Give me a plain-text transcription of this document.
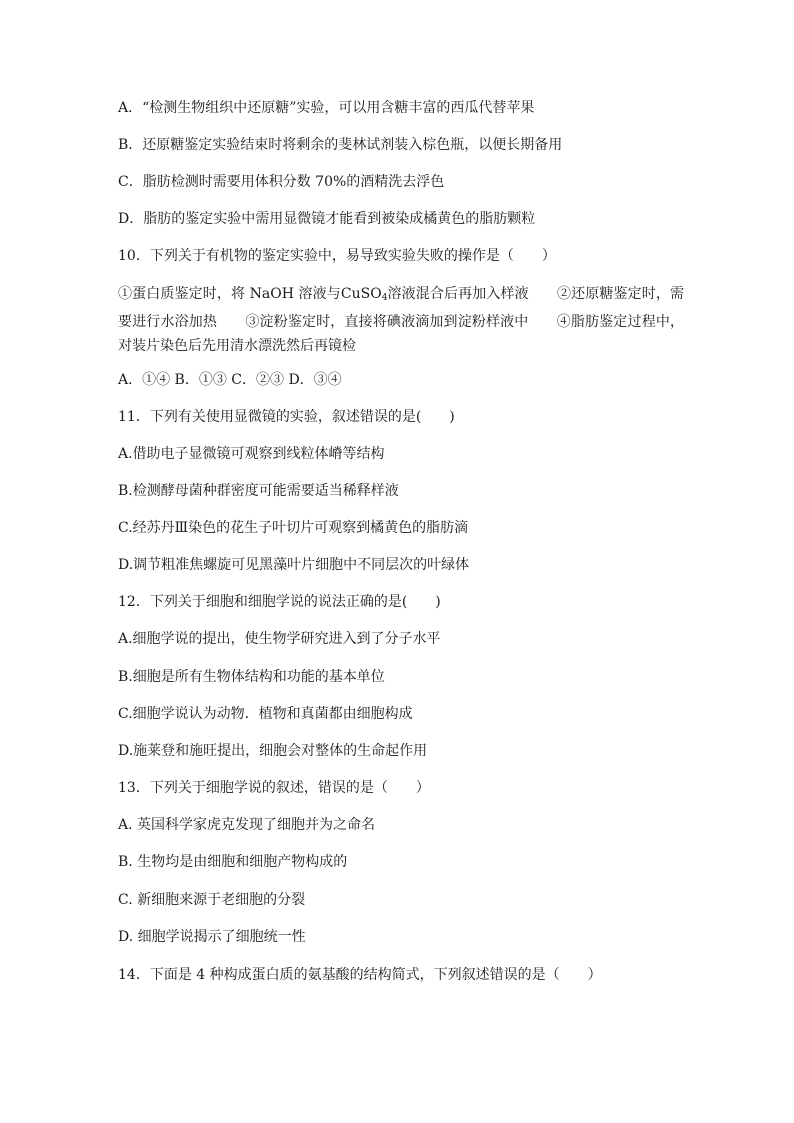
A．“检测生物组织中还原糖”实验，可以用含糖丰富的西瓜代替苹果
B．还原糖鉴定实验结束时将剩余的斐林试剂装入棕色瓶，以便长期备用
C．脂肪检测时需要用体积分数 70%的酒精洗去浮色
D．脂肪的鉴定实验中需用显微镜才能看到被染成橘黄色的脂肪颗粒
10．下列关于有机物的鉴定实验中，易导致实验失败的操作是（　　）
①蛋白质鉴定时，将 NaOH 溶液与CuSO$_4$溶液混合后再加入样液　　②还原糖鉴定时，需要进行水浴加热　　③淀粉鉴定时，直接将碘液滴加到淀粉样液中　　④脂肪鉴定过程中，对装片染色后先用清水漂洗然后再镜检
A．①④ B．①③ C．②③ D．③④
11．下列有关使用显微镜的实验，叙述错误的是(　　)
A.借助电子显微镜可观察到线粒体嵴等结构
B.检测酵母菌种群密度可能需要适当稀释样液
C.经苏丹Ⅲ染色的花生子叶切片可观察到橘黄色的脂肪滴
D.调节粗准焦螺旋可见黑藻叶片细胞中不同层次的叶绿体
12．下列关于细胞和细胞学说的说法正确的是(　　)
A.细胞学说的提出，使生物学研究进入到了分子水平
B.细胞是所有生物体结构和功能的基本单位
C.细胞学说认为动物．植物和真菌都由细胞构成
D.施莱登和施旺提出，细胞会对整体的生命起作用
13．下列关于细胞学说的叙述，错误的是（　　）
A. 英国科学家虎克发现了细胞并为之命名
B. 生物均是由细胞和细胞产物构成的
C. 新细胞来源于老细胞的分裂
D. 细胞学说揭示了细胞统一性
14．下面是 4 种构成蛋白质的氨基酸的结构简式，下列叙述错误的是（　　）
